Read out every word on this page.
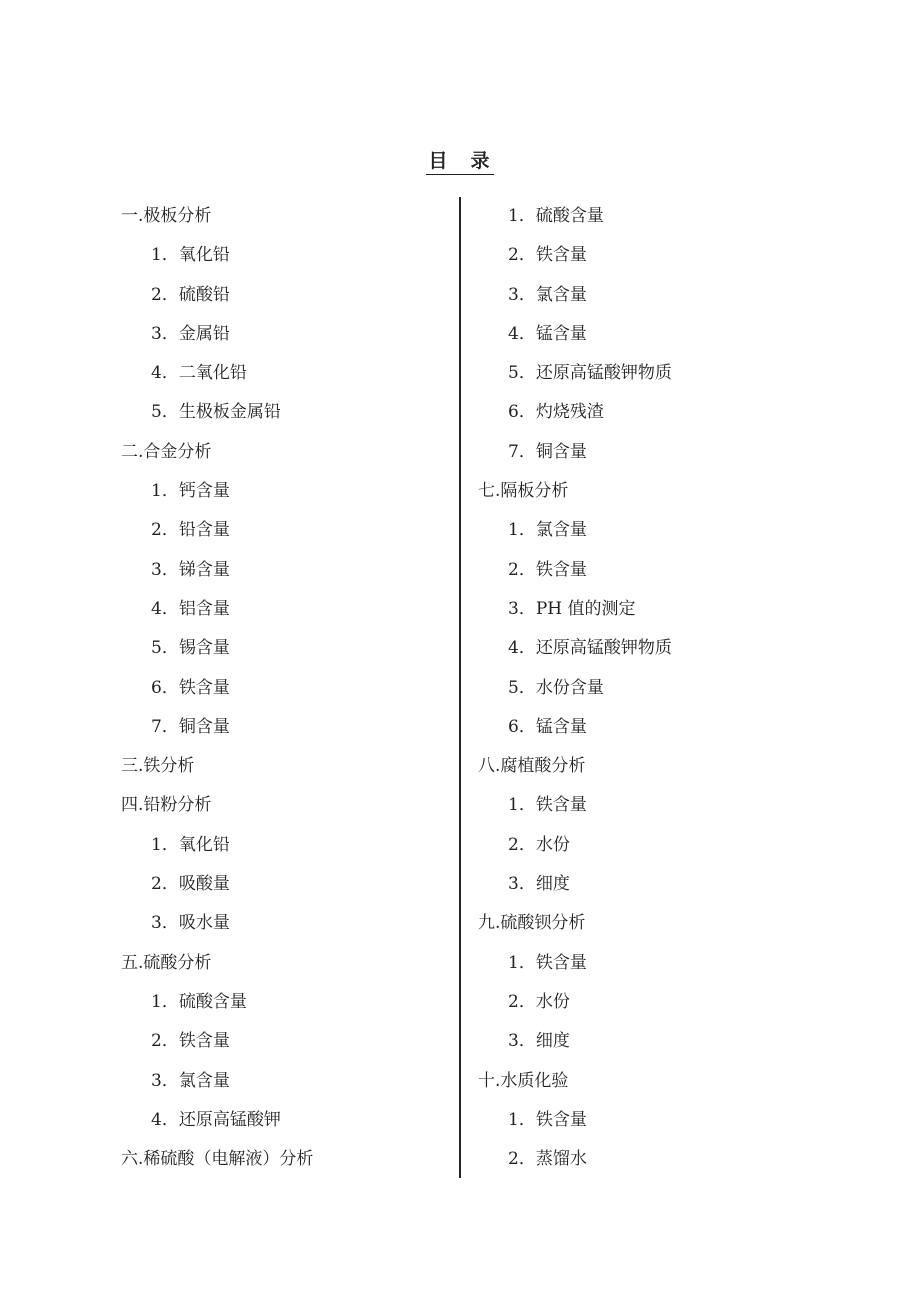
目　录
一.极板分析
1．氧化铅
2．硫酸铅
3．金属铅
4．二氧化铅
5．生极板金属铅
二.合金分析
1．钙含量
2．铅含量
3．锑含量
4．铝含量
5．锡含量
6．铁含量
7．铜含量
三.铁分析
四.铅粉分析
1．氧化铅
2．吸酸量
3．吸水量
五.硫酸分析
1．硫酸含量
2．铁含量
3．氯含量
4．还原高锰酸钾
六.稀硫酸（电解液）分析
1．硫酸含量
2．铁含量
3．氯含量
4．锰含量
5．还原高锰酸钾物质
6．灼烧残渣
7．铜含量
七.隔板分析
1．氯含量
2．铁含量
3．PH 值的测定
4．还原高锰酸钾物质
5．水份含量
6．锰含量
八.腐植酸分析
1．铁含量
2．水份
3．细度
九.硫酸钡分析
1．铁含量
2．水份
3．细度
十.水质化验
1．铁含量
2．蒸馏水
